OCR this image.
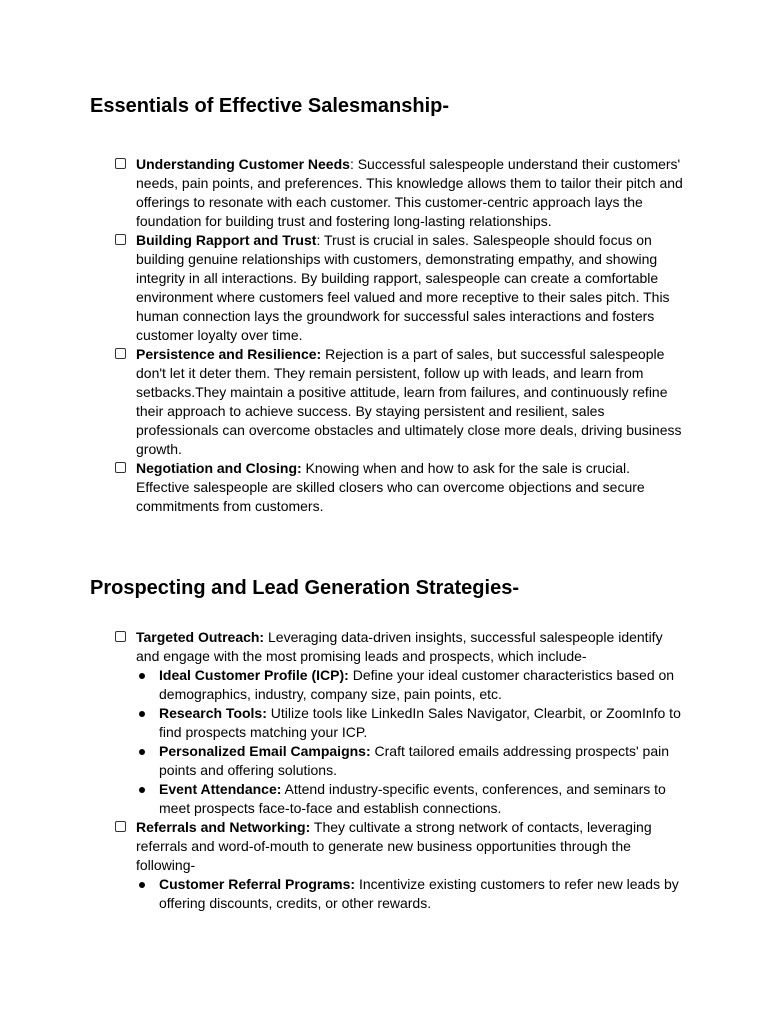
Essentials of Effective Salesmanship-
Understanding Customer Needs: Successful salespeople understand their customers' needs, pain points, and preferences. This knowledge allows them to tailor their pitch and offerings to resonate with each customer. This customer-centric approach lays the foundation for building trust and fostering long-lasting relationships.
Building Rapport and Trust: Trust is crucial in sales. Salespeople should focus on building genuine relationships with customers, demonstrating empathy, and showing integrity in all interactions. By building rapport, salespeople can create a comfortable environment where customers feel valued and more receptive to their sales pitch. This human connection lays the groundwork for successful sales interactions and fosters customer loyalty over time.
Persistence and Resilience: Rejection is a part of sales, but successful salespeople don't let it deter them. They remain persistent, follow up with leads, and learn from setbacks.They maintain a positive attitude, learn from failures, and continuously refine their approach to achieve success. By staying persistent and resilient, sales professionals can overcome obstacles and ultimately close more deals, driving business growth.
Negotiation and Closing: Knowing when and how to ask for the sale is crucial. Effective salespeople are skilled closers who can overcome objections and secure commitments from customers.
Prospecting and Lead Generation Strategies-
Targeted Outreach: Leveraging data-driven insights, successful salespeople identify and engage with the most promising leads and prospects, which include-
Ideal Customer Profile (ICP): Define your ideal customer characteristics based on demographics, industry, company size, pain points, etc.
Research Tools: Utilize tools like LinkedIn Sales Navigator, Clearbit, or ZoomInfo to find prospects matching your ICP.
Personalized Email Campaigns: Craft tailored emails addressing prospects' pain points and offering solutions.
Event Attendance: Attend industry-specific events, conferences, and seminars to meet prospects face-to-face and establish connections.
Referrals and Networking: They cultivate a strong network of contacts, leveraging referrals and word-of-mouth to generate new business opportunities through the following-
Customer Referral Programs: Incentivize existing customers to refer new leads by offering discounts, credits, or other rewards.
